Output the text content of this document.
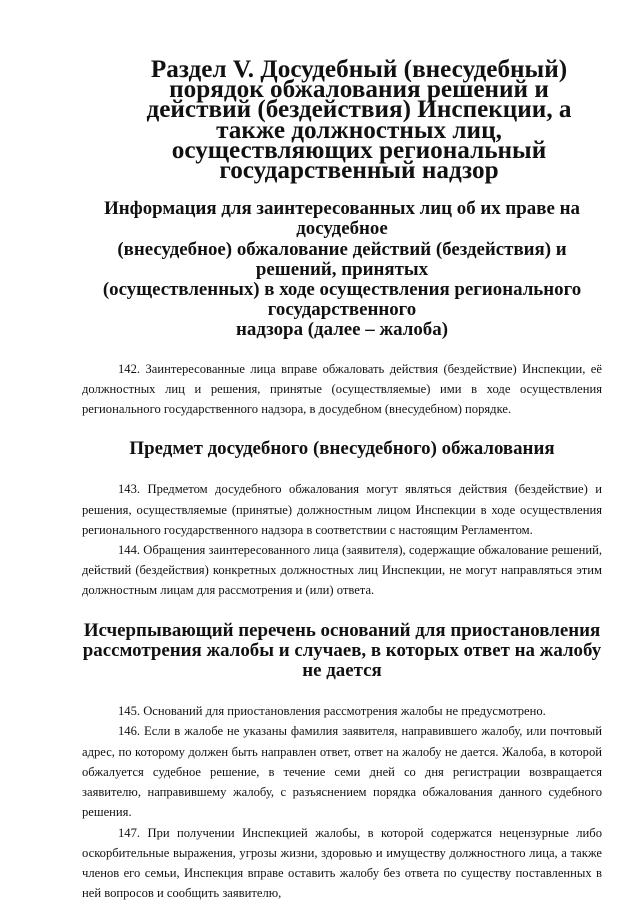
Раздел V. Досудебный (внесудебный) порядок обжалования решений и
действий (бездействия) Инспекции, а также должностных лиц,
осуществляющих региональный государственный надзор
Информация для заинтересованных лиц об их праве на досудебное
(внесудебное) обжалование действий (бездействия) и решений, принятых
(осуществленных) в ходе осуществления регионального государственного
надзора (далее – жалоба)

142. Заинтересованные лица вправе обжаловать действия (бездействие) Инспекции, её должностных лиц и решения, принятые (осуществляемые) ими в ходе осуществления регионального государственного надзора, в досудебном (внесудебном) порядке.

Предмет досудебного (внесудебного) обжалования

143. Предметом досудебного обжалования могут являться действия (бездействие) и решения, осуществляемые (принятые) должностным лицом Инспекции в ходе осуществления регионального государственного надзора в соответствии с настоящим Регламентом.

144. Обращения заинтересованного лица (заявителя), содержащие обжалование решений, действий (бездействия) конкретных должностных лиц Инспекции, не могут направляться этим должностным лицам для рассмотрения и (или) ответа.

Исчерпывающий перечень оснований для приостановления
рассмотрения жалобы и случаев, в которых ответ на жалобу не дается

145. Оснований для приостановления рассмотрения жалобы не предусмотрено.

146. Если в жалобе не указаны фамилия заявителя, направившего жалобу, или почтовый адрес, по которому должен быть направлен ответ, ответ на жалобу не дается. Жалоба, в которой обжалуется судебное решение, в течение семи дней со дня регистрации возвращается заявителю, направившему жалобу, с разъяснением порядка обжалования данного судебного решения.

147. При получении Инспекцией жалобы, в которой содержатся нецензурные либо оскорбительные выражения, угрозы жизни, здоровью и имуществу должностного лица, а также членов его семьи, Инспекция вправе оставить жалобу без ответа по существу поставленных в ней вопросов и сообщить заявителю,
